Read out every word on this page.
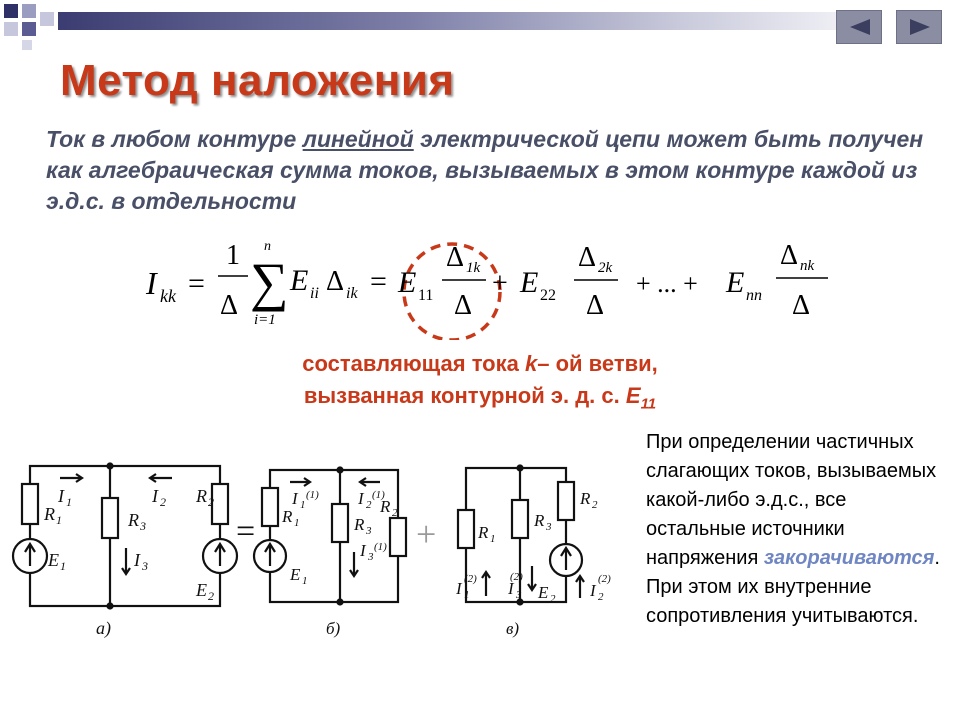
Метод наложения
Ток в любом контуре линейной электрической цепи может быть получен как алгебраическая сумма токов, вызываемых в этом контуре каждой из э.д.с. в отдельности
I kk =
1
Δ
n
∑
i=1
E ii Δ ik = E 11
Δ 1k
Δ
+ E 22
Δ 2k
Δ
+ ... + E nn
Δ nk
Δ
составляющая тока k– ой ветви,
вызванная контурной э. д. с. $E_{11}$
При определении частичных слагающих токов, вызываемых какой-либо э.д.с., все остальные источники напряжения закорачиваются. При этом их внутренние сопротивления учитываются.
I 1
R 1
E 1
I 2
R 3
I 3
R 2
E 2
а)
=
I 1
(1)
R 1
E 1
I 2
(1)
R 3
I 3
(1)
R 2
б)
+ R 1
R 3
R 2
I 1
(2) I 3
(2)
E 2 I 2
(2)
в)
